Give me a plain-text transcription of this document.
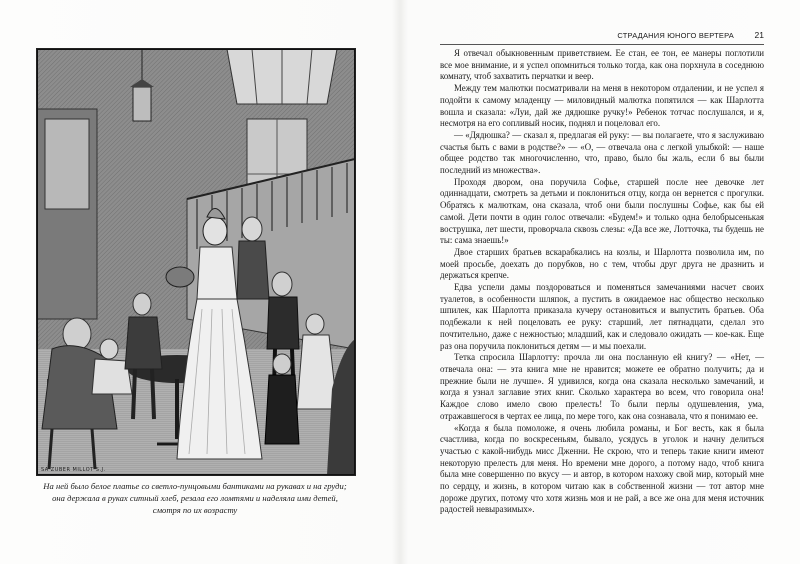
SA ZUBER MILLOT S.J.
На ней было белое платье со светло-пунцовыми бантиками на рукавах и на груди; она держала в руках ситный хлеб, резала его ломтями и наделяла ими детей, смотря по их возрасту
СТРАДАНИЯ ЮНОГО ВЕРТЕРА 21

Я отвечал обыкновенным приветствием. Ее стан, ее тон, ее манеры поглотили все мое внимание, и я успел опомниться только тогда, как она порхнула в соседнюю комнату, чтоб захватить перчатки и веер.

Между тем малютки посматривали на меня в некотором отдалении, и не успел я подойти к самому младенцу — миловидный малютка попятился — как Шарлотта вошла и сказала: «Луи, дай же дядюшке ручку!» Ребенок тотчас послушался, и я, несмотря на его сопливый носик, поднял и поцеловал его.

— «Дядюшка? — сказал я, предлагая ей руку: — вы полагаете, что я заслуживаю счастья быть с вами в родстве?» — «О, — отвечала она с легкой улыбкой: — наше общее родство так многочисленно, что, право, было бы жаль, если б вы были последний из множества».

Проходя двором, она поручила Софье, старшей после нее девочке лет одиннадцати, смотреть за детьми и поклониться отцу, когда он вернется с прогулки. Обратясь к малюткам, она сказала, чтоб они были послушны Софье, как бы ей самой. Дети почти в один голос отвечали: «Будем!» и только одна белобрысенькая вострушка, лет шести, проворчала сквозь слезы: «Да все же, Лотточка, ты будешь не ты: сама знаешь!»

Двое старших братьев вскарабкались на козлы, и Шарлотта позволила им, по моей просьбе, доехать до порубков, но с тем, чтобы друг друга не дразнить и держаться крепче.

Едва успели дамы поздороваться и поменяться замечаниями насчет своих туалетов, в особенности шляпок, а пустить в ожидаемое нас общество несколько шпилек, как Шарлотта приказала кучеру остановиться и выпустить братьев. Оба подбежали к ней поцеловать ее руку: старший, лет пятнадцати, сделал это почтительно, даже с нежностью; младший, как и следовало ожидать — коe-как. Еще раз она поручила поклониться детям — и мы поехали.

Тетка спросила Шарлотту: прочла ли она посланную ей книгу? — «Нет, — отвечала она: — эта книга мне не нравится; можете ее обратно получить; да и прежние были не лучше». Я удивился, когда она сказала несколько замечаний, и когда я узнал заглавие этих книг. Сколько характера во всем, что говорила она! Каждое слово имело свою прелесть! То были перлы одушевления, ума, отражавшегося в чертах ее лица, по мере того, как она сознавала, что я понимаю ее.

«Когда я была помоложе, я очень любила романы, и Бог весть, как я была счастлива, когда по воскресеньям, бывало, усядусь в уголок и начну делиться участью с какой-нибудь мисс Дженни. Не скрою, что и теперь такие книги имеют некоторую прелесть для меня. Но времени мне дорого, а потому надо, чтоб книга была мне совершенно по вкусу — и автор, в котором нахожу свой мир, который мне по сердцу, и жизнь, в котором читаю как в собственной жизни — тот автор мне дороже других, потому что хотя жизнь моя и не рай, а все же она для меня источник радостей невыразимых».
